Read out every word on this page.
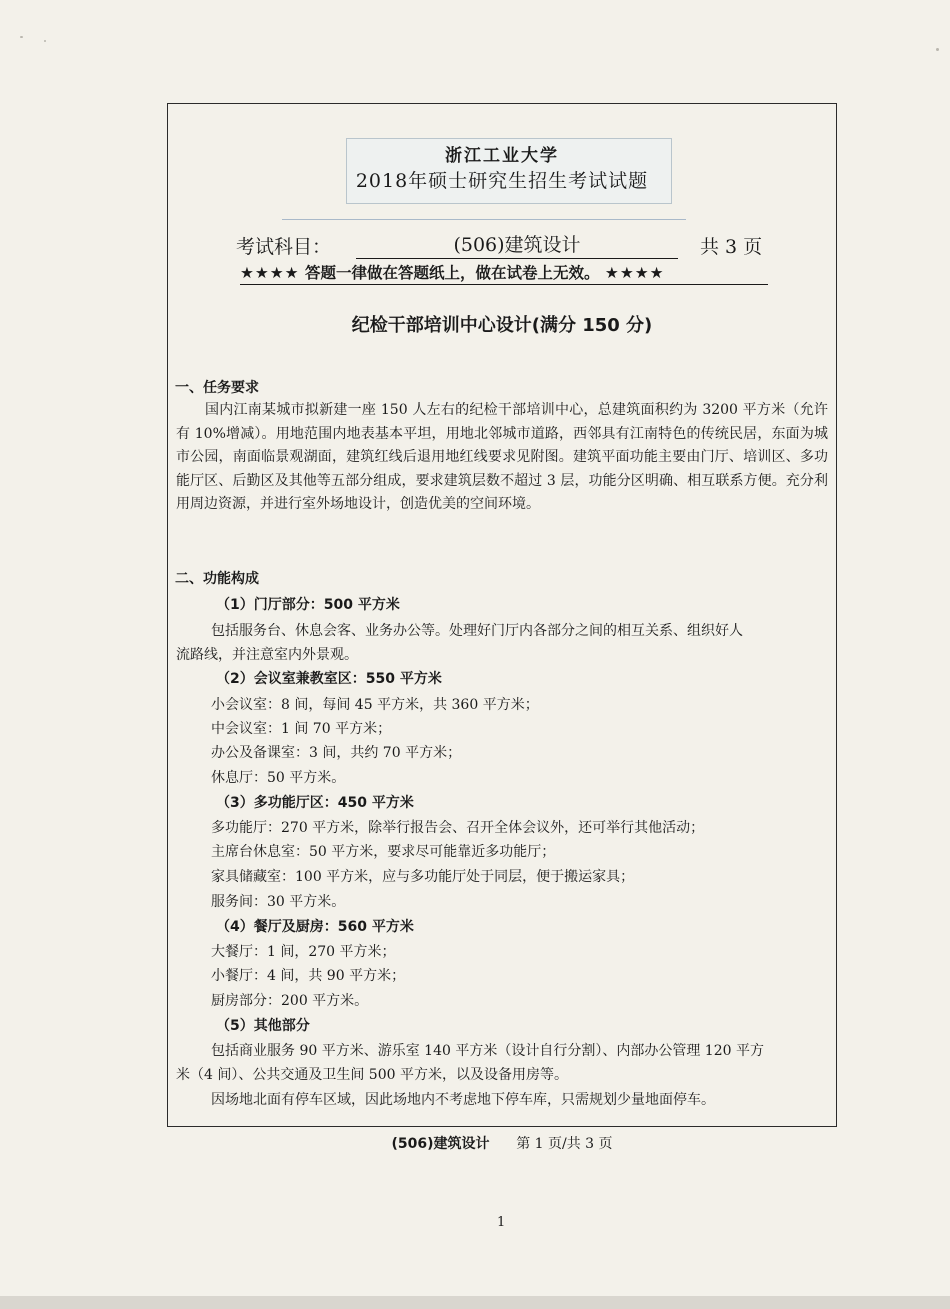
浙江工业大学
2018年硕士研究生招生考试试题
考试科目：	(506)建筑设计	共 3 页
★★★★ 答题一律做在答题纸上，做在试卷上无效。 ★★★★
纪检干部培训中心设计(满分 150 分)
一、任务要求
国内江南某城市拟新建一座 150 人左右的纪检干部培训中心，总建筑面积约为 3200 平方米（允许有 10%增减）。用地范围内地表基本平坦，用地北邻城市道路，西邻具有江南特色的传统民居，东面为城市公园，南面临景观湖面，建筑红线后退用地红线要求见附图。建筑平面功能主要由门厅、培训区、多功能厅区、后勤区及其他等五部分组成，要求建筑层数不超过 3 层，功能分区明确、相互联系方便。充分利用周边资源，并进行室外场地设计，创造优美的空间环境。
二、功能构成
（1）门厅部分：500 平方米
包括服务台、休息会客、业务办公等。处理好门厅内各部分之间的相互关系、组织好人
流路线，并注意室内外景观。
（2）会议室兼教室区：550 平方米
小会议室：8 间，每间 45 平方米，共 360 平方米；
中会议室：1 间 70 平方米；
办公及备课室：3 间，共约 70 平方米；
休息厅：50 平方米。
（3）多功能厅区：450 平方米
多功能厅：270 平方米，除举行报告会、召开全体会议外，还可举行其他活动；
主席台休息室：50 平方米，要求尽可能靠近多功能厅；
家具储藏室：100 平方米，应与多功能厅处于同层，便于搬运家具；
服务间：30 平方米。
（4）餐厅及厨房：560 平方米
大餐厅：1 间，270 平方米；
小餐厅：4 间，共 90 平方米；
厨房部分：200 平方米。
（5）其他部分
包括商业服务 90 平方米、游乐室 140 平方米（设计自行分割）、内部办公管理 120 平方
米（4 间）、公共交通及卫生间 500 平方米，以及设备用房等。
因场地北面有停车区域，因此场地内不考虑地下停车库，只需规划少量地面停车。
(506)建筑设计 第 1 页/共 3 页
1
